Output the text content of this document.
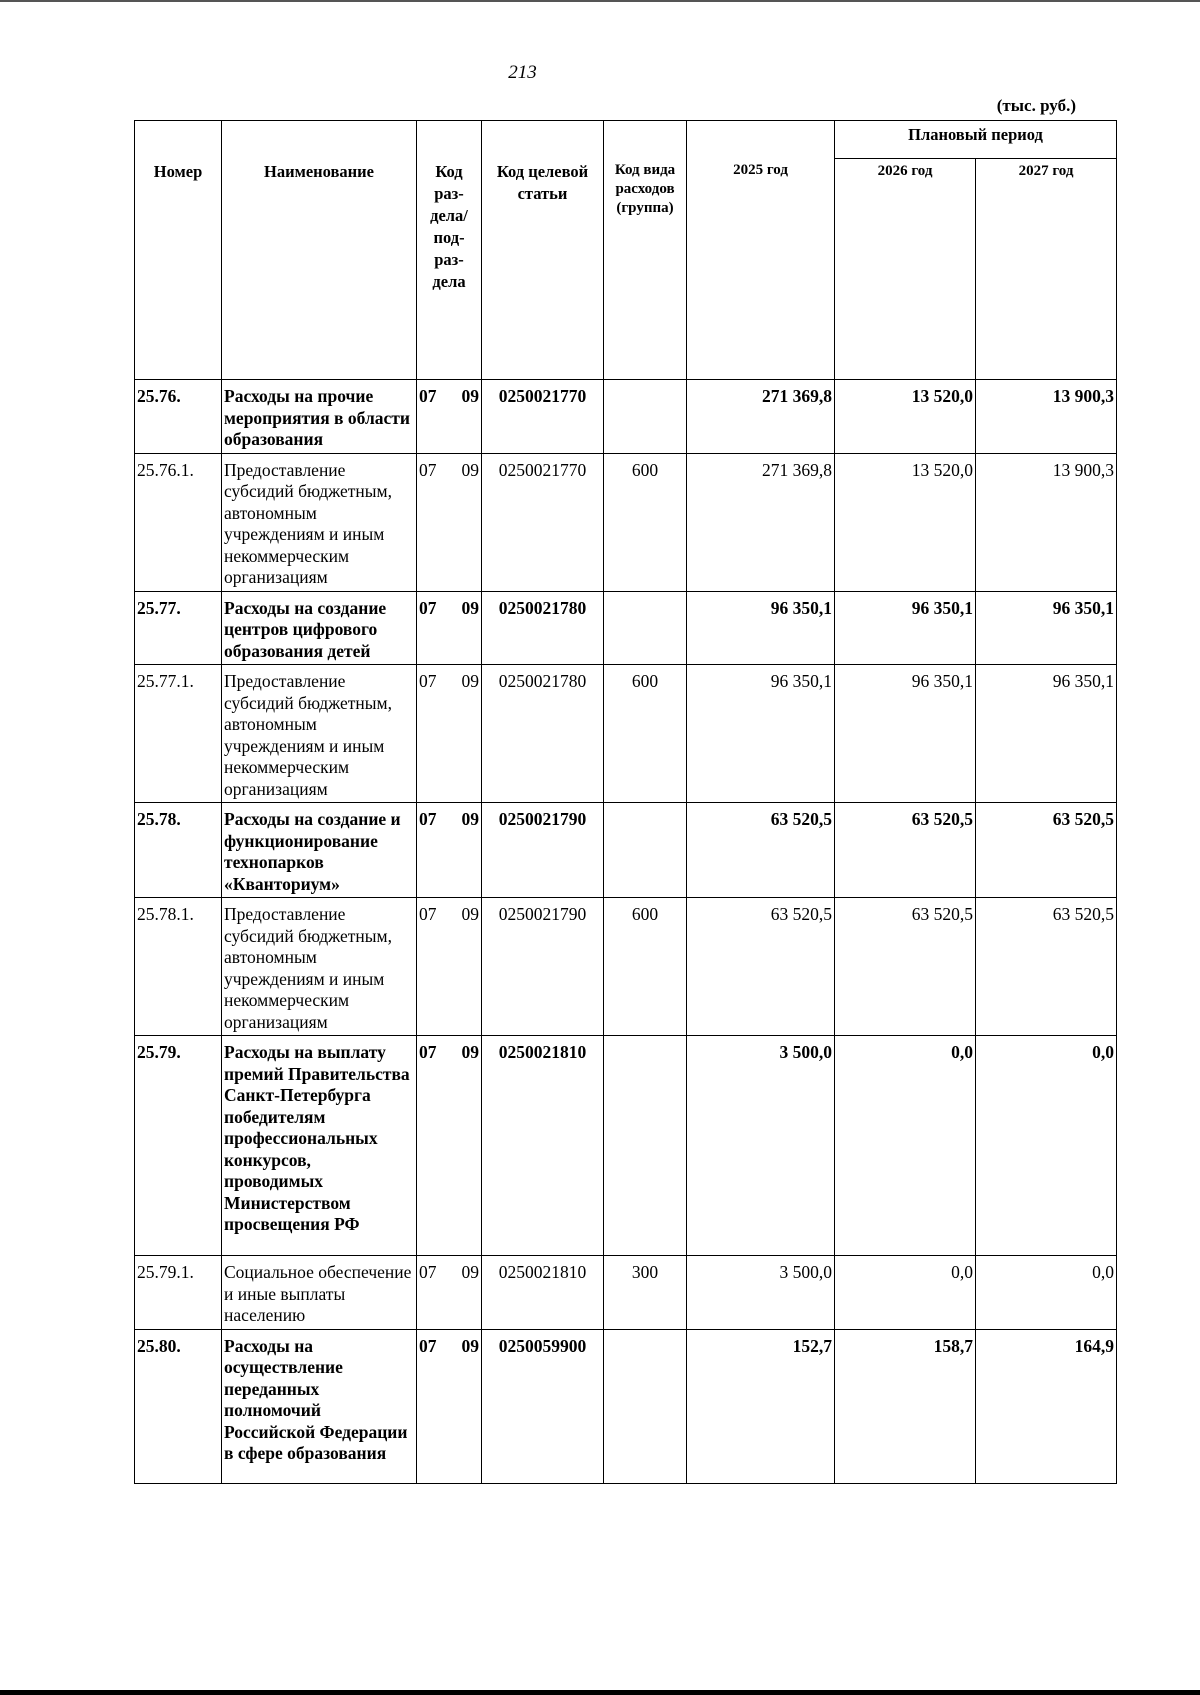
213
(тыс. руб.)
Номер	Наименование	Код раз-дела/ под-раз-дела	Код целевой статьи	Код вида расходов (группа)	2025 год	Плановый период	
						2026 год	2027 год
25.76.	Расходы на прочие мероприятия в области образования	07 09	0250021770		271 369,8	13 520,0	13 900,3
25.76.1.	Предоставление субсидий бюджетным, автономным учреждениям и иным некоммерческим организациям	07 09	0250021770	600	271 369,8	13 520,0	13 900,3
25.77.	Расходы на создание центров цифрового образования детей	07 09	0250021780		96 350,1	96 350,1	96 350,1
25.77.1.	Предоставление субсидий бюджетным, автономным учреждениям и иным некоммерческим организациям	07 09	0250021780	600	96 350,1	96 350,1	96 350,1
25.78.	Расходы на создание и функционирование технопарков «Кванториум»	07 09	0250021790		63 520,5	63 520,5	63 520,5
25.78.1.	Предоставление субсидий бюджетным, автономным учреждениям и иным некоммерческим организациям	07 09	0250021790	600	63 520,5	63 520,5	63 520,5
25.79.	Расходы на выплату премий Правительства Санкт-Петербурга победителям профессиональных конкурсов, проводимых Министерством просвещения РФ	07 09	0250021810		3 500,0	0,0	0,0
25.79.1.	Социальное обеспечение и иные выплаты населению	07 09	0250021810	300	3 500,0	0,0	0,0
25.80.	Расходы на осуществление переданных полномочий Российской Федерации в сфере образования	07 09	0250059900		152,7	158,7	164,9
